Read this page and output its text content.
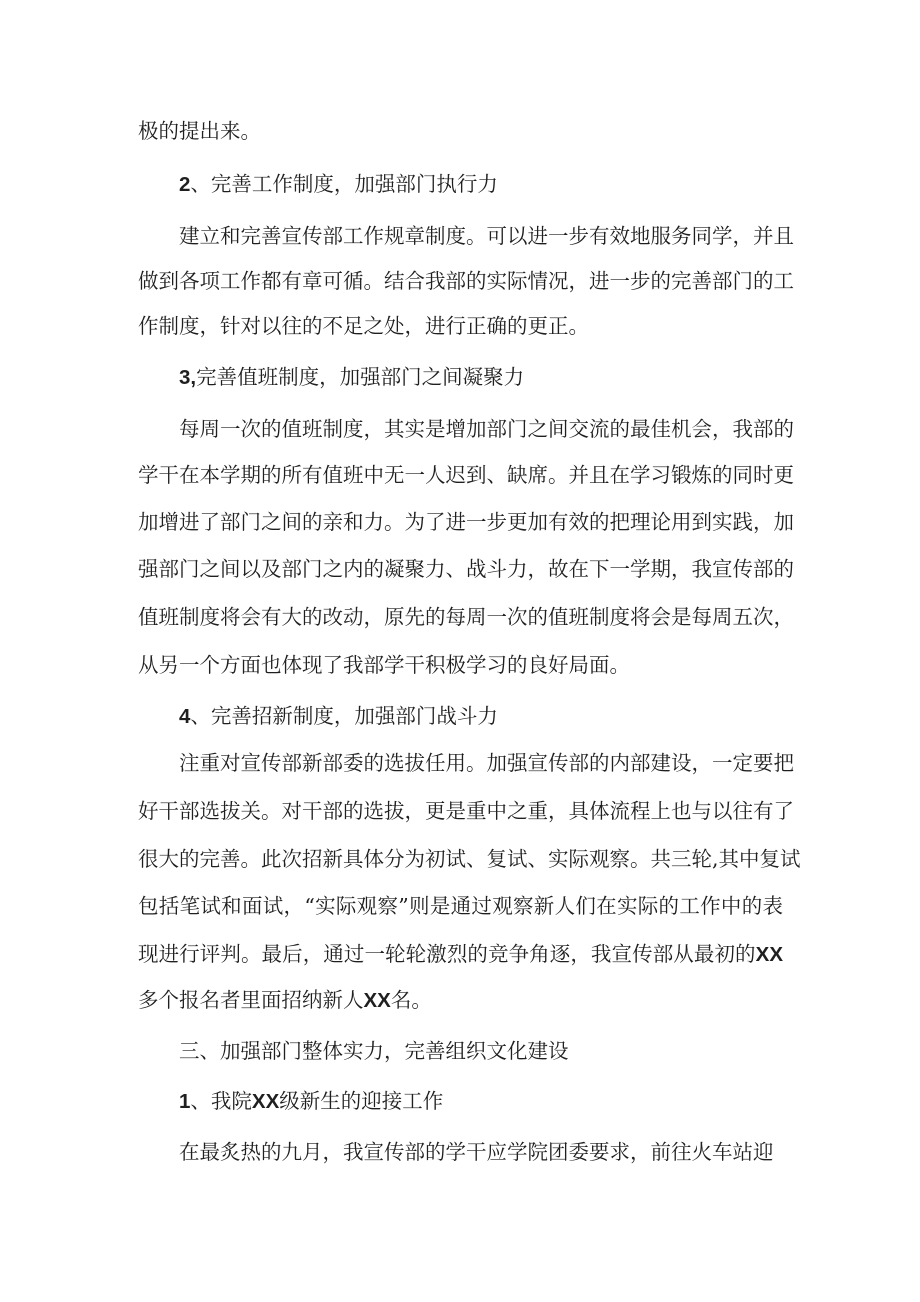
极的提出来。
2、完善工作制度，加强部门执行力
建立和完善宣传部工作规章制度。可以进一步有效地服务同学，并且
做到各项工作都有章可循。结合我部的实际情况，进一步的完善部门的工
作制度，针对以往的不足之处，进行正确的更正。
3,完善值班制度，加强部门之间凝聚力
每周一次的值班制度，其实是增加部门之间交流的最佳机会，我部的
学干在本学期的所有值班中无一人迟到、缺席。并且在学习锻炼的同时更
加增进了部门之间的亲和力。为了进一步更加有效的把理论用到实践，加
强部门之间以及部门之内的凝聚力、战斗力，故在下一学期，我宣传部的
值班制度将会有大的改动，原先的每周一次的值班制度将会是每周五次，
从另一个方面也体现了我部学干积极学习的良好局面。
4、完善招新制度，加强部门战斗力
注重对宣传部新部委的选拔任用。加强宣传部的内部建设，一定要把
好干部选拔关。对干部的选拔，更是重中之重，具体流程上也与以往有了
很大的完善。此次招新具体分为初试、复试、实际观察。共三轮,其中复试
包括笔试和面试，“实际观察”则是通过观察新人们在实际的工作中的表
现进行评判。最后，通过一轮轮激烈的竞争角逐，我宣传部从最初的XX
多个报名者里面招纳新人XX名。
三、加强部门整体实力，完善组织文化建设
1、我院XX级新生的迎接工作
在最炙热的九月，我宣传部的学干应学院团委要求，前往火车站迎
